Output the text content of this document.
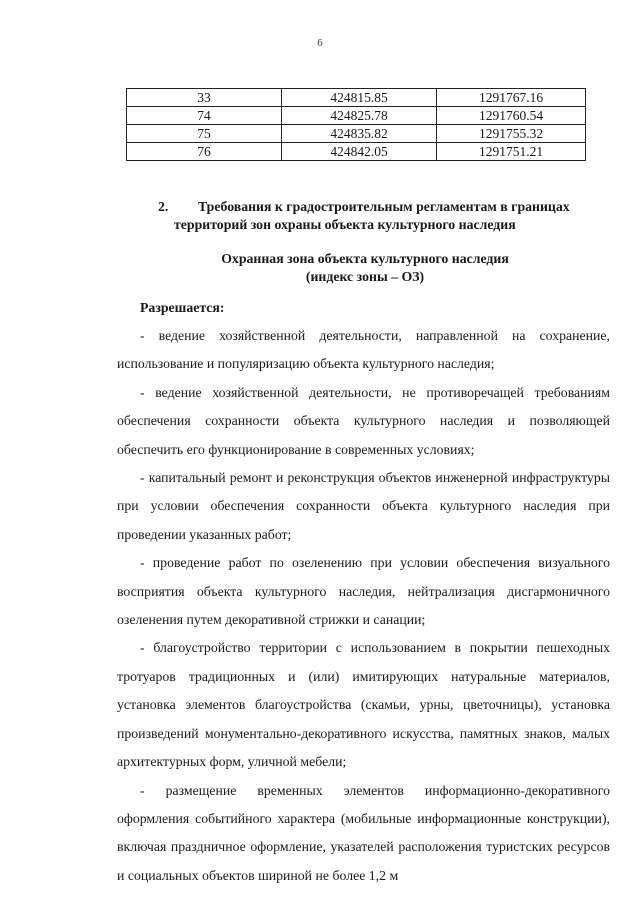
6
33	424815.85	1291767.16
74	424825.78	1291760.54
75	424835.82	1291755.32
76	424842.05	1291751.21
2. Требования к градостроительным регламентам в границах
территорий зон охраны объекта культурного наследия
Охранная зона объекта культурного наследия
(индекс зоны – ОЗ)
Разрешается:

- ведение хозяйственной деятельности, направленной на сохранение, использование и популяризацию объекта культурного наследия;

- ведение хозяйственной деятельности, не противоречащей требованиям обеспечения сохранности объекта культурного наследия и позволяющей обеспечить его функционирование в современных условиях;

- капитальный ремонт и реконструкция объектов инженерной инфраструктуры при условии обеспечения сохранности объекта культурного наследия при проведении указанных работ;

- проведение работ по озеленению при условии обеспечения визуального восприятия объекта культурного наследия, нейтрализация дисгармоничного озеленения путем декоративной стрижки и санации;

- благоустройство территории с использованием в покрытии пешеходных тротуаров традиционных и (или) имитирующих натуральные материалов, установка элементов благоустройства (скамьи, урны, цветочницы), установка произведений монументально-декоративного искусства, памятных знаков, малых архитектурных форм, уличной мебели;

- размещение временных элементов информационно-декоративного оформления событийного характера (мобильные информационные конструкции), включая праздничное оформление, указателей расположения туристских ресурсов и социальных объектов шириной не более 1,2 м
